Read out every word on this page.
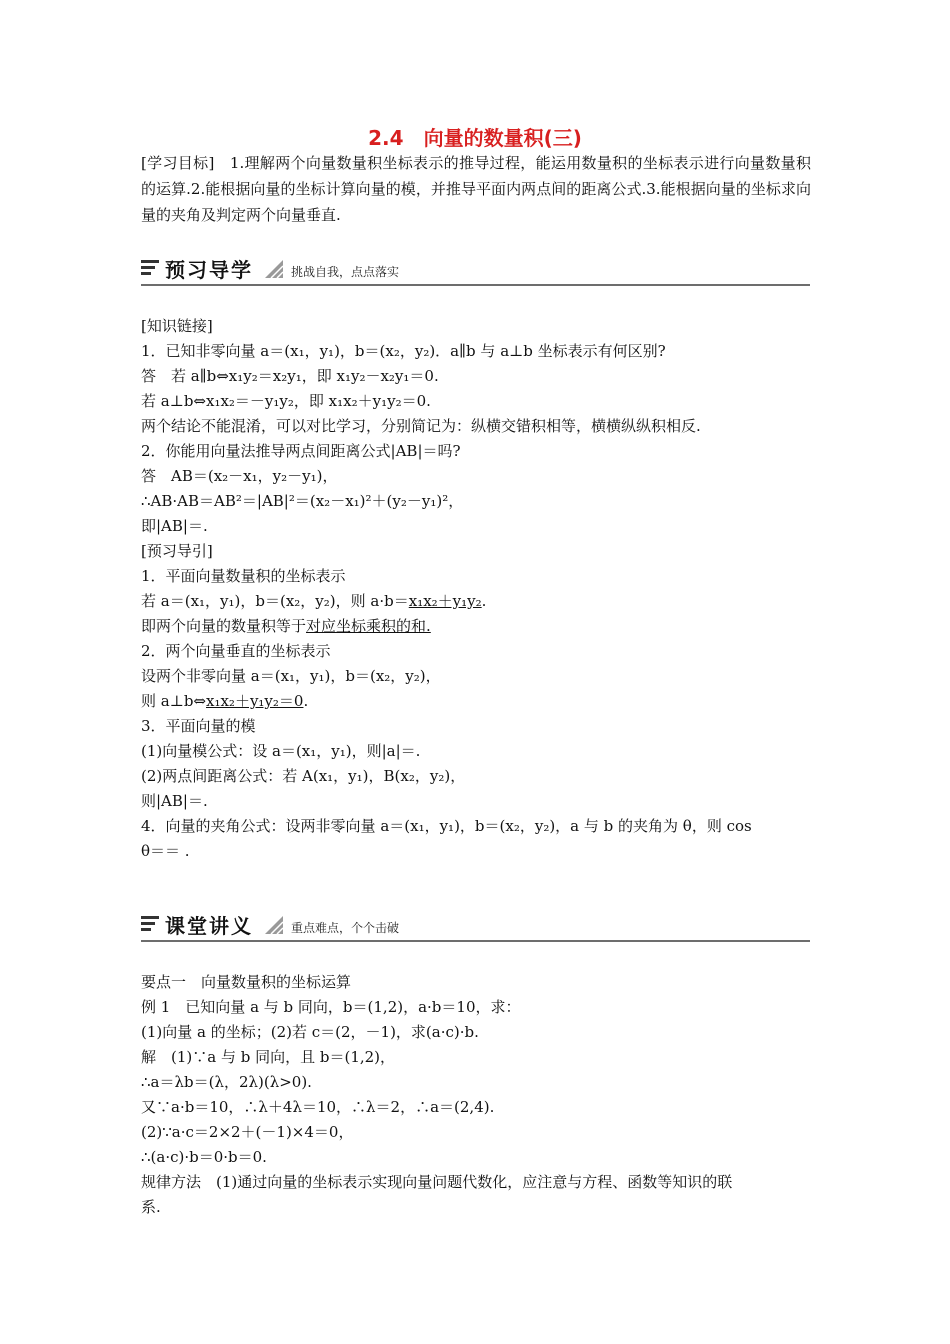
2.4　向量的数量积(三)
[学习目标]　1.理解两个向量数量积坐标表示的推导过程，能运用数量积的坐标表示进行向量数量积的运算.2.能根据向量的坐标计算向量的模，并推导平面内两点间的距离公式.3.能根据向量的坐标求向量的夹角及判定两个向量垂直.
预习导学	挑战自我，点点落实
[知识链接]
1．已知非零向量 a＝(x₁，y₁)，b＝(x₂，y₂)．a∥b 与 a⊥b 坐标表示有何区别?
答　若 a∥b⇔x₁y₂＝x₂y₁，即 x₁y₂－x₂y₁＝0.
若 a⊥b⇔x₁x₂＝－y₁y₂，即 x₁x₂＋y₁y₂＝0.
两个结论不能混淆，可以对比学习，分别简记为：纵横交错积相等，横横纵纵积相反.
2．你能用向量法推导两点间距离公式|AB|＝吗?
答　AB＝(x₂－x₁，y₂－y₁)，
∴AB·AB＝AB²＝|AB|²＝(x₂－x₁)²＋(y₂－y₁)²，
即|AB|＝.
[预习导引]
1．平面向量数量积的坐标表示
若 a＝(x₁，y₁)，b＝(x₂，y₂)，则 a·b＝x₁x₂＋y₁y₂.
即两个向量的数量积等于对应坐标乘积的和.
2．两个向量垂直的坐标表示
设两个非零向量 a＝(x₁，y₁)，b＝(x₂，y₂)，
则 a⊥b⇔x₁x₂＋y₁y₂＝0.
3．平面向量的模
(1)向量模公式：设 a＝(x₁，y₁)，则|a|＝.
(2)两点间距离公式：若 A(x₁，y₁)，B(x₂，y₂)，
则|AB|＝.
4．向量的夹角公式：设两非零向量 a＝(x₁，y₁)，b＝(x₂，y₂)，a 与 b 的夹角为 θ，则 cos
θ＝＝ .
课堂讲义	重点难点，个个击破
要点一　向量数量积的坐标运算
例 1　已知向量 a 与 b 同向，b＝(1,2)，a·b＝10，求：
(1)向量 a 的坐标；(2)若 c＝(2，－1)，求(a·c)·b.
解　(1)∵a 与 b 同向，且 b＝(1,2)，
∴a＝λb＝(λ，2λ)(λ>0).
又∵a·b＝10，∴λ＋4λ＝10，∴λ＝2，∴a＝(2,4).
(2)∵a·c＝2×2＋(－1)×4＝0，
∴(a·c)·b＝0·b＝0.
规律方法　(1)通过向量的坐标表示实现向量问题代数化，应注意与方程、函数等知识的联
系.
